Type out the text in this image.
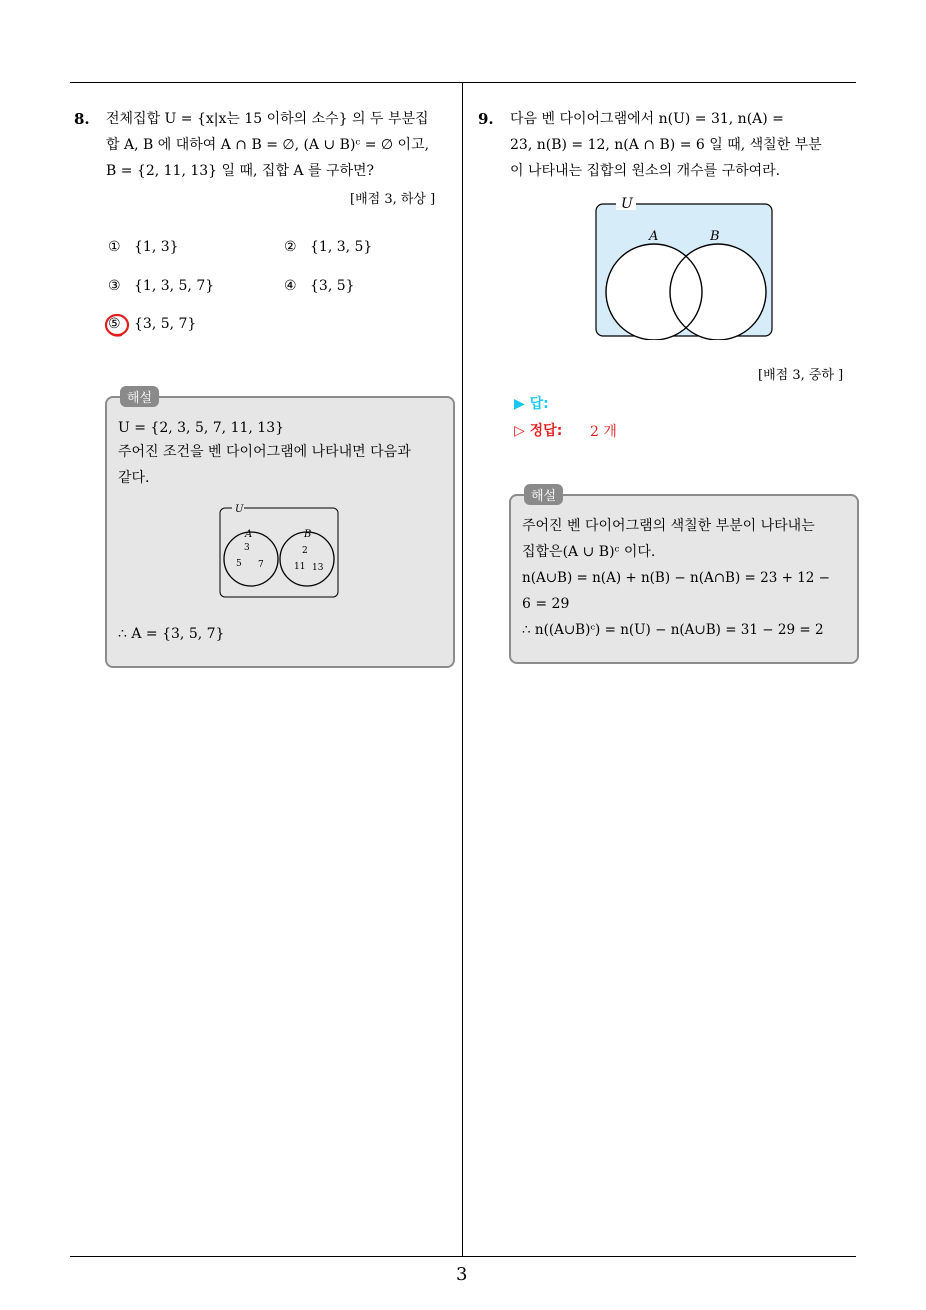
8. 전체집합 U = {x|x는 15 이하의 소수} 의 두 부분집
합 A, B 에 대하여 A ∩ B = ∅, (A ∪ B)ᶜ = ∅ 이고,
B = {2, 11, 13} 일 때, 집합 A 를 구하면?
[배점 3, 하상 ]
① {1, 3}	② {1, 3, 5}
③ {1, 3, 5, 7}	④ {3, 5}
⑤ {3, 5, 7}
해설
U = {2, 3, 5, 7, 11, 13}
주어진 조건을 벤 다이어그램에 나타내면 다음과
같다.
U
A	B
3
5 7
2
11 13
∴ A = {3, 5, 7}
9. 다음 벤 다이어그램에서 n(U) = 31, n(A) =
23, n(B) = 12, n(A ∩ B) = 6 일 때, 색칠한 부분
이 나타내는 집합의 원소의 개수를 구하여라.
U
A	B
[배점 3, 중하 ]
▶ 답:
▷ 정답: 2 개
해설
주어진 벤 다이어그램의 색칠한 부분이 나타내는
집합은(A ∪ B)ᶜ 이다.
n(A∪B) = n(A) + n(B) − n(A∩B) = 23 + 12 −
6 = 29
∴ n((A∪B)ᶜ) = n(U) − n(A∪B) = 31 − 29 = 2
3
